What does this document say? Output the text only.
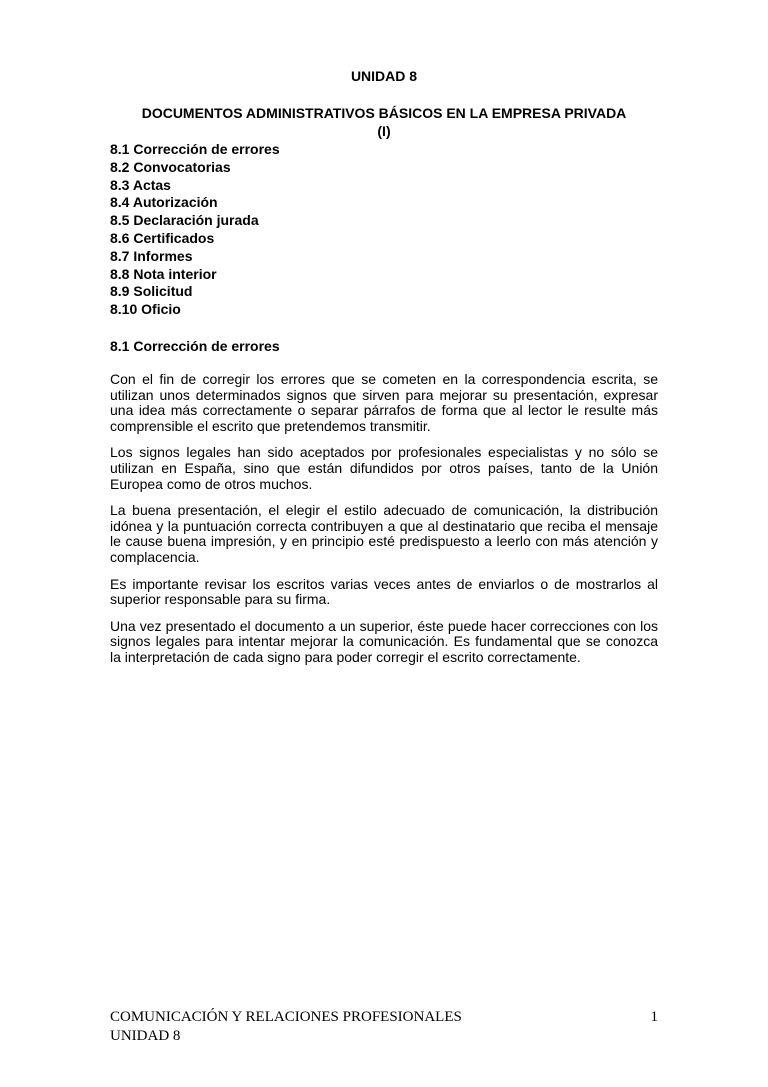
UNIDAD 8
DOCUMENTOS ADMINISTRATIVOS BÁSICOS EN LA EMPRESA PRIVADA
(I)
8.1 Corrección de errores
8.2 Convocatorias
8.3 Actas
8.4 Autorización
8.5 Declaración jurada
8.6 Certificados
8.7 Informes
8.8 Nota interior
8.9 Solicitud
8.10 Oficio
8.1 Corrección de errores

Con el fin de corregir los errores que se cometen en la correspondencia escrita, se utilizan unos determinados signos que sirven para mejorar su presentación, expresar una idea más correctamente o separar párrafos de forma que al lector le resulte más comprensible el escrito que pretendemos transmitir.

Los signos legales han sido aceptados por profesionales especialistas y no sólo se utilizan en España, sino que están difundidos por otros países, tanto de la Unión Europea como de otros muchos.

La buena presentación, el elegir el estilo adecuado de comunicación, la distribución idónea y la puntuación correcta contribuyen a que al destinatario que reciba el mensaje le cause buena impresión, y en principio esté predispuesto a leerlo con más atención y complacencia.

Es importante revisar los escritos varias veces antes de enviarlos o de mostrarlos al superior responsable para su firma.

Una vez presentado el documento a un superior, éste puede hacer correcciones con los signos legales para intentar mejorar la comunicación. Es fundamental que se conozca la interpretación de cada signo para poder corregir el escrito correctamente.

COMUNICACIÓN Y RELACIONES PROFESIONALES	1
UNIDAD 8
